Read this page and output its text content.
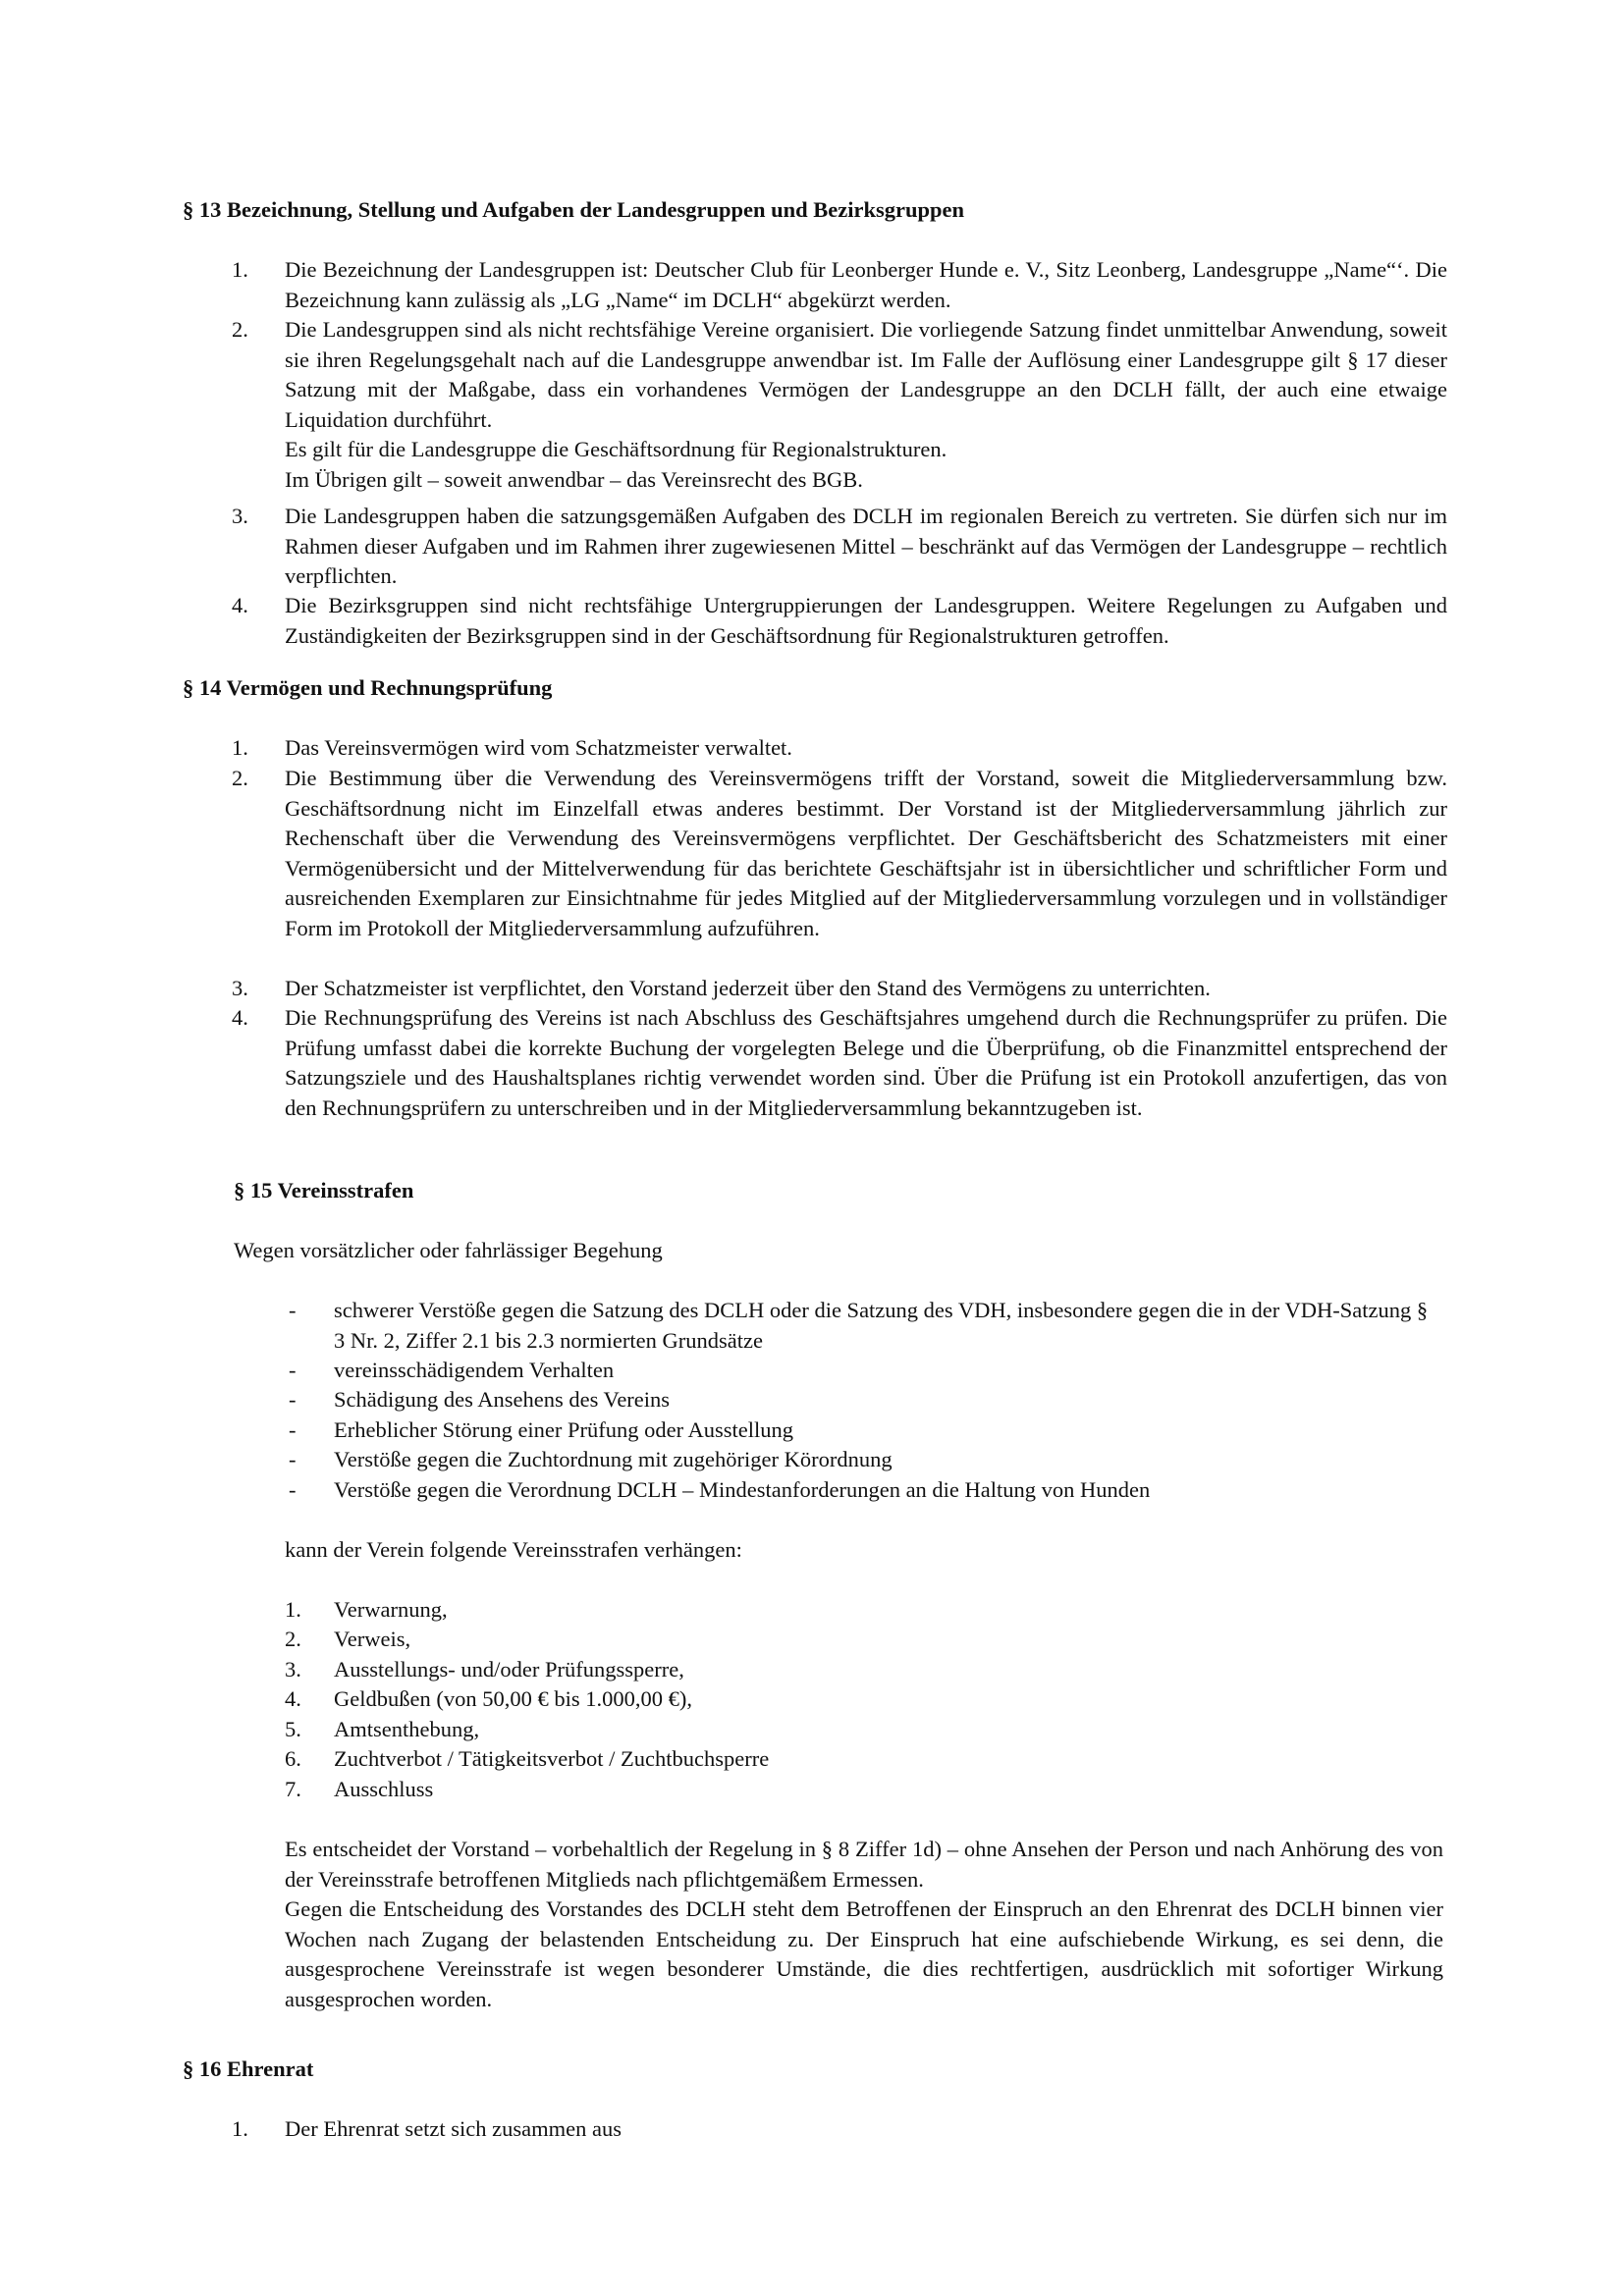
§ 13 Bezeichnung, Stellung und Aufgaben der Landesgruppen und Bezirksgruppen
1.	Die Bezeichnung der Landesgruppen ist: Deutscher Club für Leonberger Hunde e. V., Sitz Leonberg, Landesgruppe „Name“‘. Die Bezeichnung kann zulässig als „LG „Name“ im DCLH“ abgekürzt werden.
2.	Die Landesgruppen sind als nicht rechtsfähige Vereine organisiert. Die vorliegende Satzung findet unmittelbar Anwendung, soweit sie ihren Regelungsgehalt nach auf die Landesgruppe anwendbar ist. Im Falle der Auflösung einer Landesgruppe gilt § 17 dieser Satzung mit der Maßgabe, dass ein vorhandenes Vermögen der Landesgruppe an den DCLH fällt, der auch eine etwaige Liquidation durchführt.

Es gilt für die Landesgruppe die Geschäftsordnung für Regionalstrukturen.

Im Übrigen gilt – soweit anwendbar – das Vereinsrecht des BGB.

3.	Die Landesgruppen haben die satzungsgemäßen Aufgaben des DCLH im regionalen Bereich zu vertreten. Sie dürfen sich nur im Rahmen dieser Aufgaben und im Rahmen ihrer zugewiesenen Mittel – beschränkt auf das Vermögen der Landesgruppe – rechtlich verpflichten.
4.	Die Bezirksgruppen sind nicht rechtsfähige Untergruppierungen der Landesgruppen. Weitere Regelungen zu Aufgaben und Zuständigkeiten der Bezirksgruppen sind in der Geschäftsordnung für Regionalstrukturen getroffen.
§ 14 Vermögen und Rechnungsprüfung
1.	Das Vereinsvermögen wird vom Schatzmeister verwaltet.
2.	Die Bestimmung über die Verwendung des Vereinsvermögens trifft der Vorstand, soweit die Mitgliederversammlung bzw. Geschäftsordnung nicht im Einzelfall etwas anderes bestimmt. Der Vorstand ist der Mitgliederversammlung jährlich zur Rechenschaft über die Verwendung des Vereinsvermögens verpflichtet. Der Geschäftsbericht des Schatzmeisters mit einer Vermögenübersicht und der Mittelverwendung für das berichtete Geschäftsjahr ist in übersichtlicher und schriftlicher Form und ausreichenden Exemplaren zur Einsichtnahme für jedes Mitglied auf der Mitgliederversammlung vorzulegen und in vollständiger Form im Protokoll der Mitgliederversammlung aufzuführen.
3.	Der Schatzmeister ist verpflichtet, den Vorstand jederzeit über den Stand des Vermögens zu unterrichten.
4.	Die Rechnungsprüfung des Vereins ist nach Abschluss des Geschäftsjahres umgehend durch die Rechnungsprüfer zu prüfen. Die Prüfung umfasst dabei die korrekte Buchung der vorgelegten Belege und die Überprüfung, ob die Finanzmittel entsprechend der Satzungsziele und des Haushaltsplanes richtig verwendet worden sind. Über die Prüfung ist ein Protokoll anzufertigen, das von den Rechnungsprüfern zu unterschreiben und in der Mitgliederversammlung bekanntzugeben ist.
§ 15 Vereinsstrafen
Wegen vorsätzlicher oder fahrlässiger Begehung
- schwerer Verstöße gegen die Satzung des DCLH oder die Satzung des VDH, insbesondere gegen die in der VDH-Satzung § 3 Nr. 2, Ziffer 2.1 bis 2.3 normierten Grundsätze
- vereinsschädigendem Verhalten
- Schädigung des Ansehens des Vereins
- Erheblicher Störung einer Prüfung oder Ausstellung
- Verstöße gegen die Zuchtordnung mit zugehöriger Körordnung
- Verstöße gegen die Verordnung DCLH – Mindestanforderungen an die Haltung von Hunden
kann der Verein folgende Vereinsstrafen verhängen:
1. Verwarnung,
2. Verweis,
3. Ausstellungs- und/oder Prüfungssperre,
4. Geldbußen (von 50,00 € bis 1.000,00 €),
5. Amtsenthebung,
6. Zuchtverbot / Tätigkeitsverbot / Zuchtbuchsperre
7. Ausschluss
Es entscheidet der Vorstand – vorbehaltlich der Regelung in § 8 Ziffer 1d) – ohne Ansehen der Person und nach Anhörung des von der Vereinsstrafe betroffenen Mitglieds nach pflichtgemäßem Ermessen.
Gegen die Entscheidung des Vorstandes des DCLH steht dem Betroffenen der Einspruch an den Ehrenrat des DCLH binnen vier Wochen nach Zugang der belastenden Entscheidung zu. Der Einspruch hat eine aufschiebende Wirkung, es sei denn, die ausgesprochene Vereinsstrafe ist wegen besonderer Umstände, die dies rechtfertigen, ausdrücklich mit sofortiger Wirkung ausgesprochen worden.
§ 16 Ehrenrat
1.	Der Ehrenrat setzt sich zusammen aus
